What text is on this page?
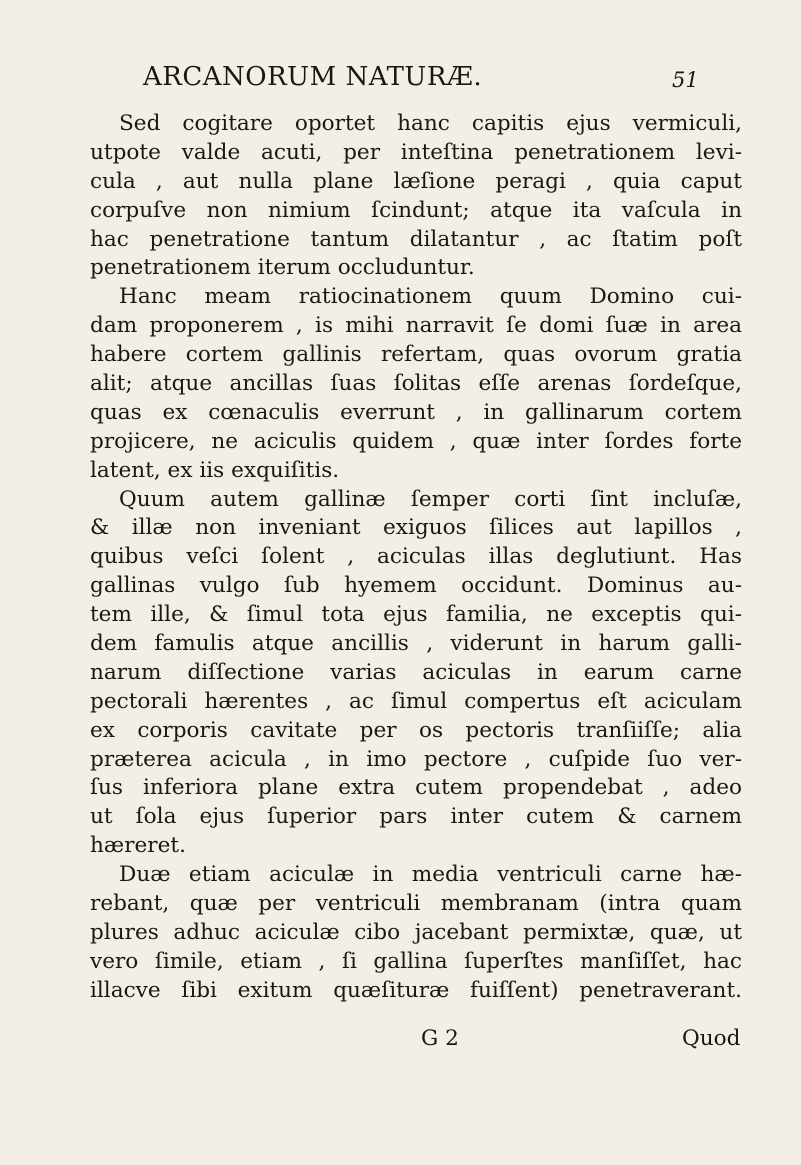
ARCANORUM NATURÆ.	51
Sed cogitare oportet hanc capitis ejus vermiculi,
utpote valde acuti, per inteſtina penetrationem levi-
cula , aut nulla plane læſione peragi , quia caput
corpuſve non nimium ſcindunt; atque ita vaſcula in
hac penetratione tantum dilatantur , ac ſtatim poſt
penetrationem iterum occluduntur.
Hanc meam ratiocinationem quum Domino cui-
dam proponerem , is mihi narravit ſe domi ſuæ in area
habere cortem gallinis refertam, quas ovorum gratia
alit; atque ancillas ſuas ſolitas eſſe arenas ſordeſque,
quas ex cœnaculis everrunt , in gallinarum cortem
projicere, ne aciculis quidem , quæ inter ſordes forte
latent, ex iis exquiſitis.
Quum autem gallinæ ſemper corti ſint incluſæ,
& illæ non inveniant exiguos ſilices aut lapillos ,
quibus veſci ſolent , aciculas illas deglutiunt. Has
gallinas vulgo ſub hyemem occidunt. Dominus au-
tem ille, & ſimul tota ejus familia, ne exceptis qui-
dem famulis atque ancillis , viderunt in harum galli-
narum diſſectione varias aciculas in earum carne
pectorali hærentes , ac ſimul compertus eſt aciculam
ex corporis cavitate per os pectoris tranſiiſſe; alia
præterea acicula , in imo pectore , cuſpide ſuo ver-
ſus inferiora plane extra cutem propendebat , adeo
ut ſola ejus ſuperior pars inter cutem & carnem
hæreret.
Duæ etiam aciculæ in media ventriculi carne hæ-
rebant, quæ per ventriculi membranam (intra quam
plures adhuc aciculæ cibo jacebant permixtæ, quæ, ut
vero ſimile, etiam , ſi gallina ſuperſtes manſiſſet, hac
illacve ſibi exitum quæſituræ fuiſſent) penetraverant.
G 2	Quod
